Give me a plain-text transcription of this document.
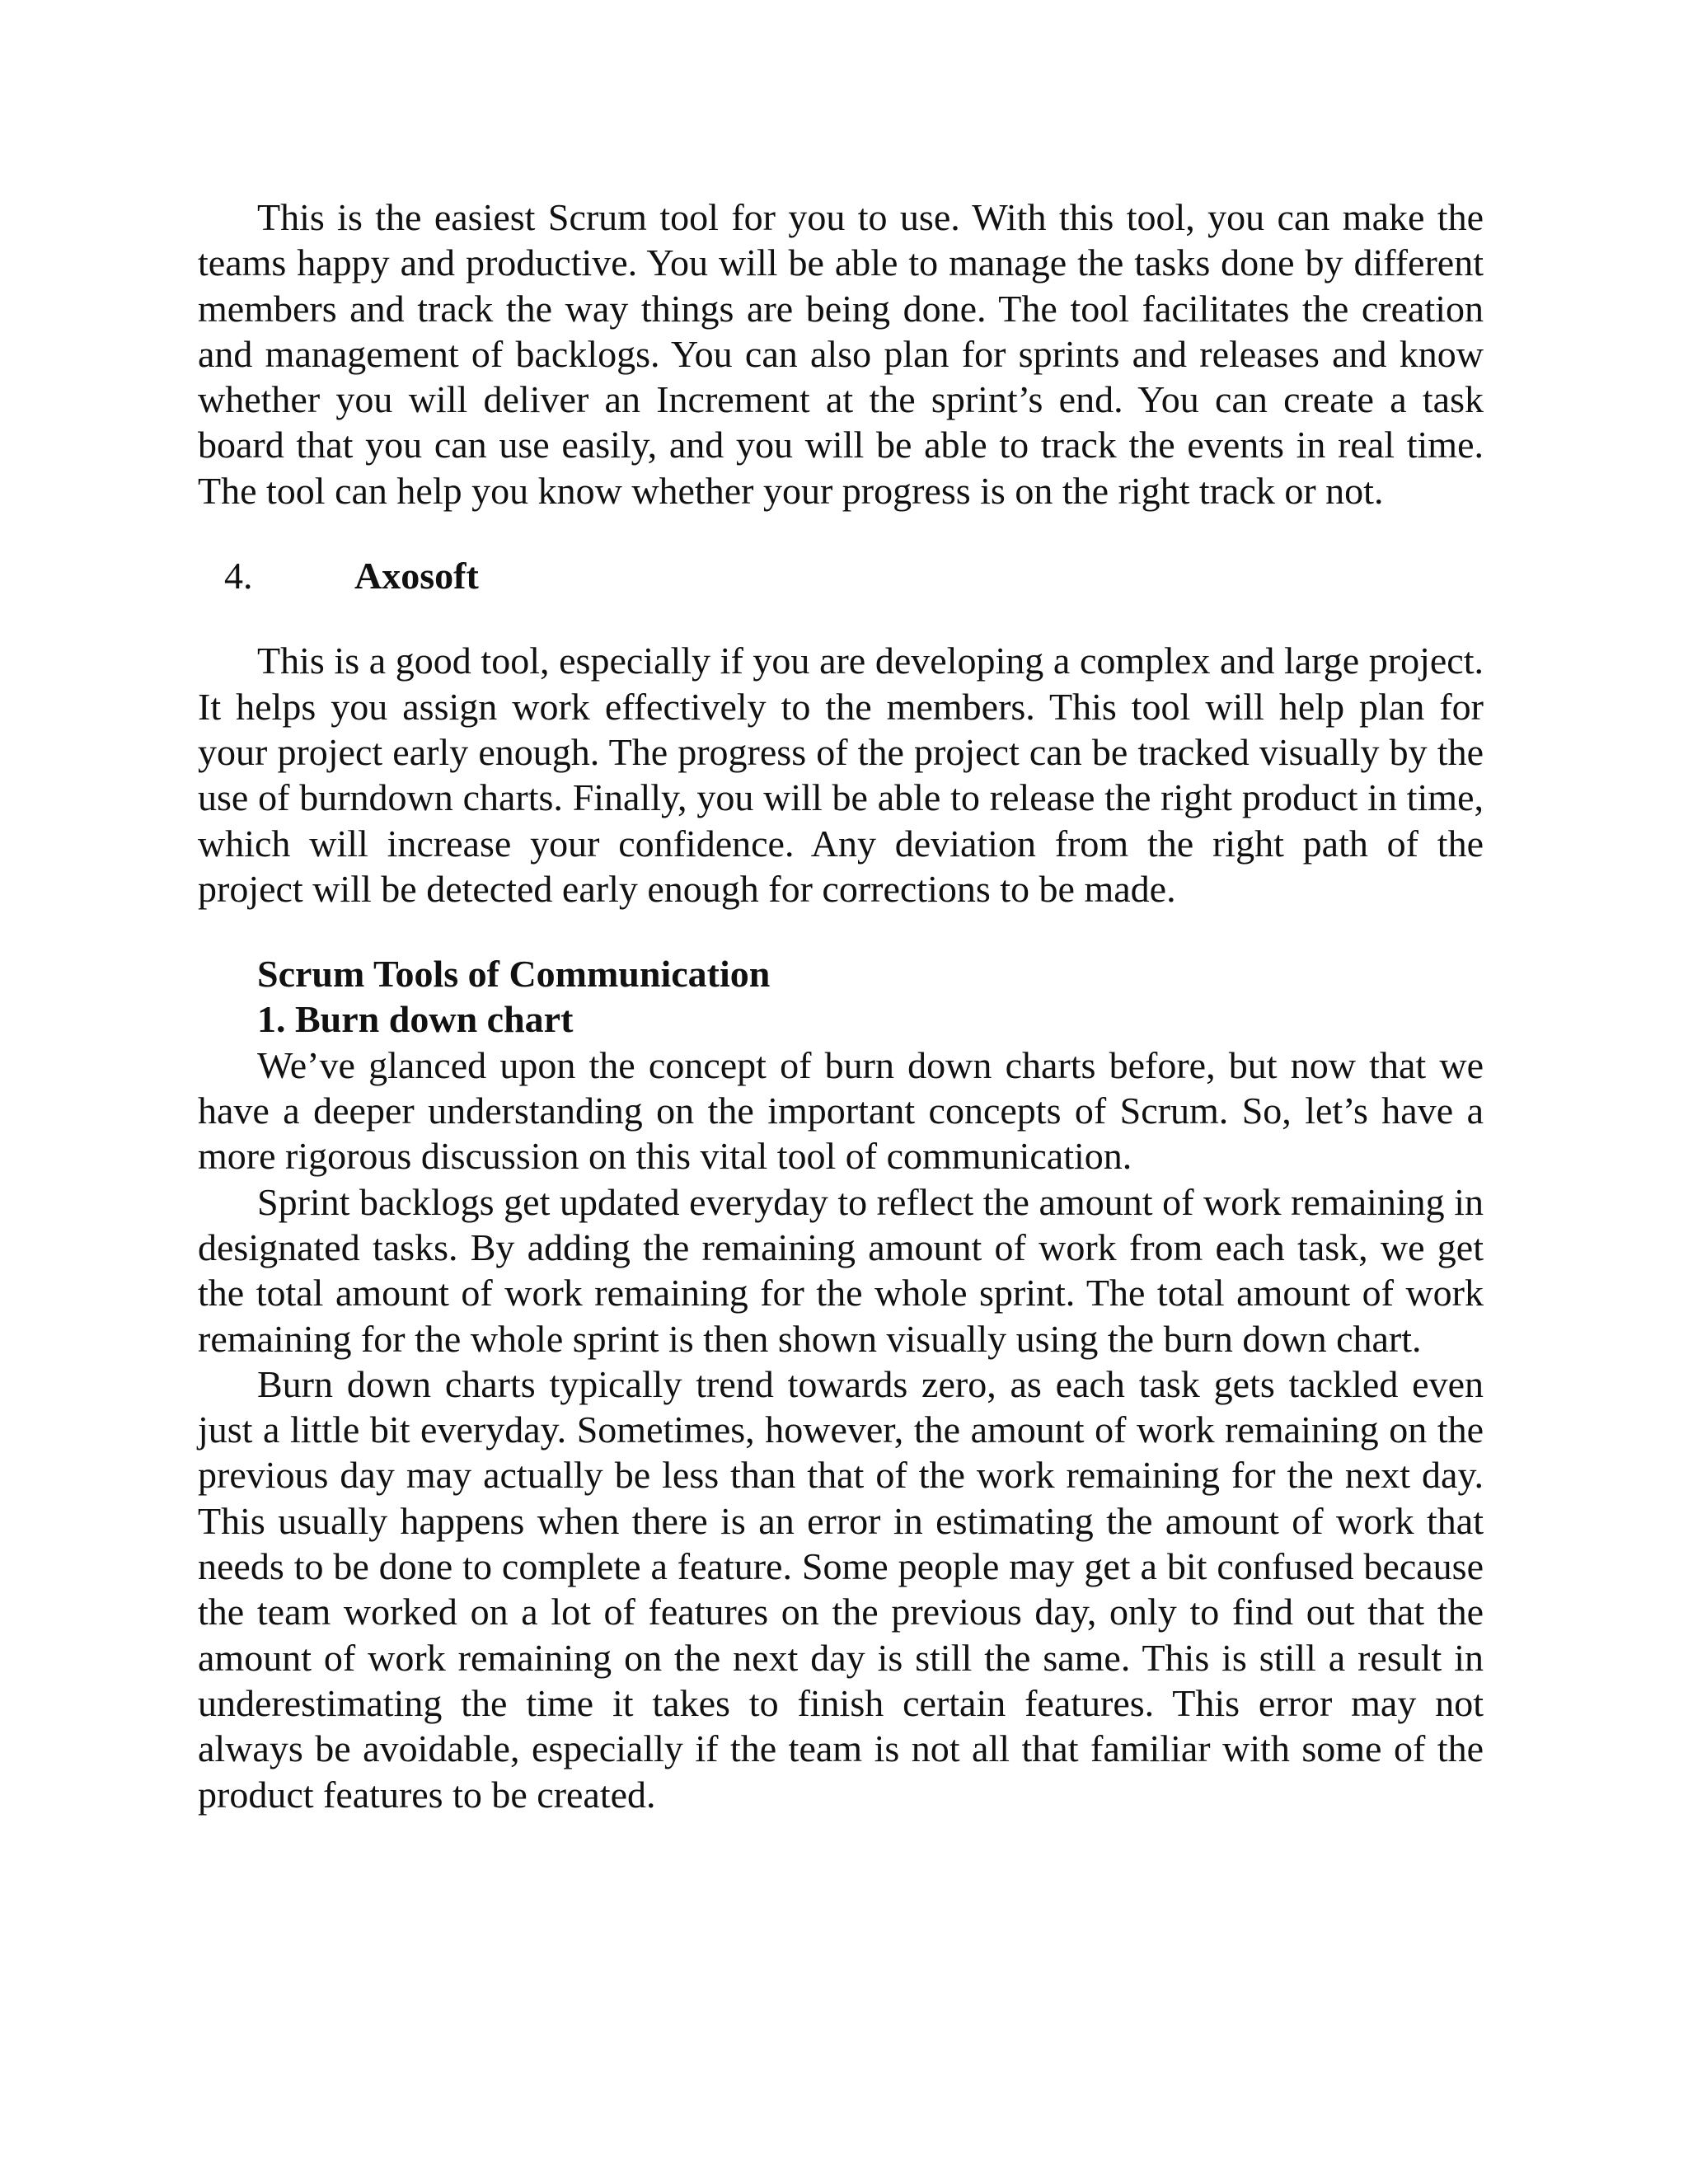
This is the easiest Scrum tool for you to use. With this tool, you can make the teams happy and productive. You will be able to manage the tasks done by different members and track the way things are being done. The tool facilitates the creation and management of backlogs. You can also plan for sprints and releases and know whether you will deliver an Increment at the sprint’s end. You can create a task board that you can use easily, and you will be able to track the events in real time. The tool can help you know whether your progress is on the right track or not.

4.	Axosoft

This is a good tool, especially if you are developing a complex and large project. It helps you assign work effectively to the members. This tool will help plan for your project early enough. The progress of the project can be tracked visually by the use of burndown charts. Finally, you will be able to release the right product in time, which will increase your confidence. Any deviation from the right path of the project will be detected early enough for corrections to be made.

Scrum Tools of Communication
1. Burn down chart

We’ve glanced upon the concept of burn down charts before, but now that we have a deeper understanding on the important concepts of Scrum. So, let’s have a more rigorous discussion on this vital tool of communication.

Sprint backlogs get updated everyday to reflect the amount of work remaining in designated tasks. By adding the remaining amount of work from each task, we get the total amount of work remaining for the whole sprint. The total amount of work remaining for the whole sprint is then shown visually using the burn down chart.

Burn down charts typically trend towards zero, as each task gets tackled even just a little bit everyday. Sometimes, however, the amount of work remaining on the previous day may actually be less than that of the work remaining for the next day. This usually happens when there is an error in estimating the amount of work that needs to be done to complete a feature. Some people may get a bit confused because the team worked on a lot of features on the previous day, only to find out that the amount of work remaining on the next day is still the same. This is still a result in underestimating the time it takes to finish certain features. This error may not always be avoidable, especially if the team is not all that familiar with some of the product features to be created.
